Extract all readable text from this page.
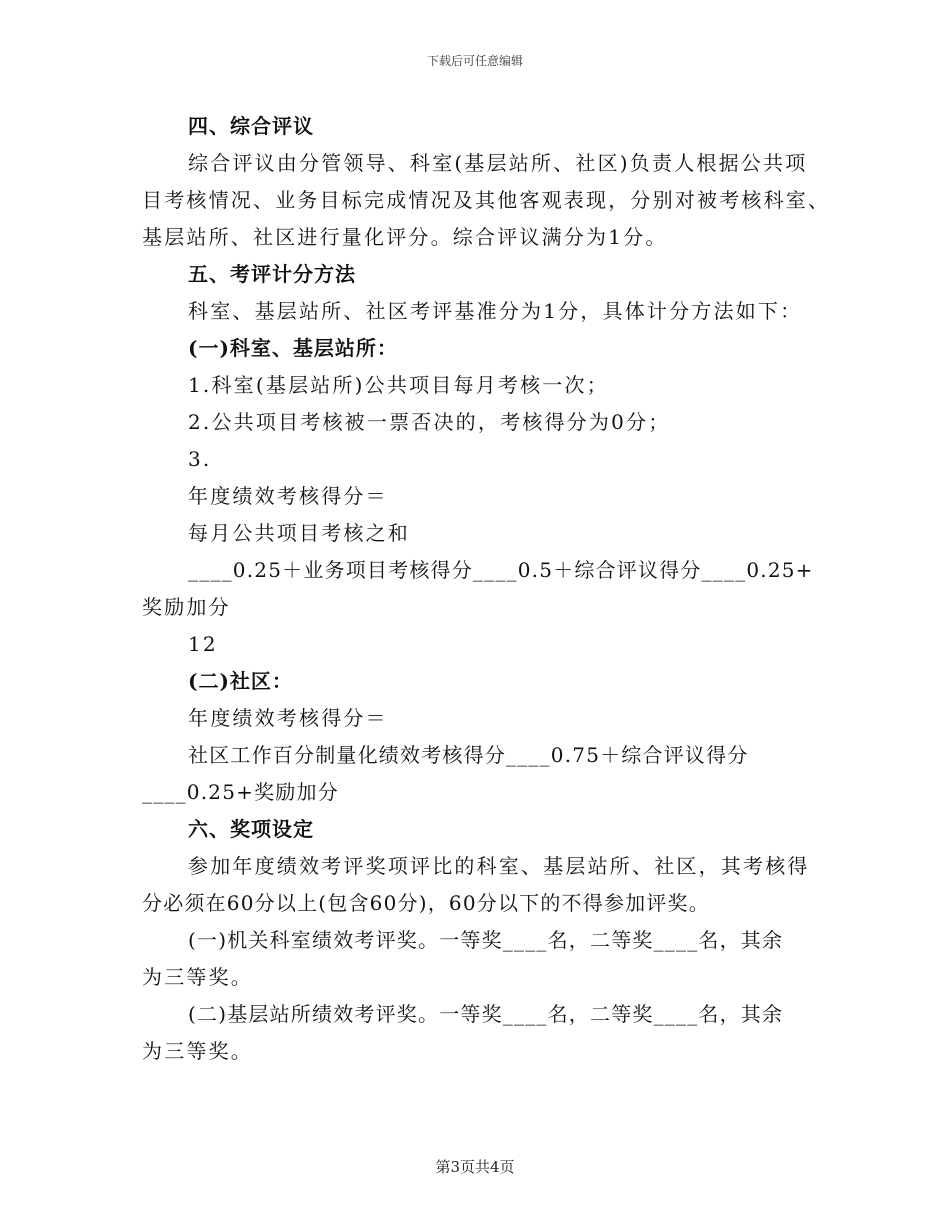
下载后可任意编辑
四、综合评议
综合评议由分管领导、科室(基层站所、社区)负责人根据公共项
目考核情况、业务目标完成情况及其他客观表现，分别对被考核科室、
基层站所、社区进行量化评分。综合评议满分为1分。
五、考评计分方法
科室、基层站所、社区考评基准分为1分，具体计分方法如下：
(一)科室、基层站所：
1.科室(基层站所)公共项目每月考核一次；
2.公共项目考核被一票否决的，考核得分为0分；
3.
年度绩效考核得分＝
每月公共项目考核之和
____0.25＋业务项目考核得分____0.5＋综合评议得分____0.25+
奖励加分
12
(二)社区：
年度绩效考核得分＝
社区工作百分制量化绩效考核得分____0.75＋综合评议得分
____0.25+奖励加分
六、奖项设定
参加年度绩效考评奖项评比的科室、基层站所、社区，其考核得
分必须在60分以上(包含60分)，60分以下的不得参加评奖。
(一)机关科室绩效考评奖。一等奖____名，二等奖____名，其余
为三等奖。
(二)基层站所绩效考评奖。一等奖____名，二等奖____名，其余
为三等奖。
第3页共4页
